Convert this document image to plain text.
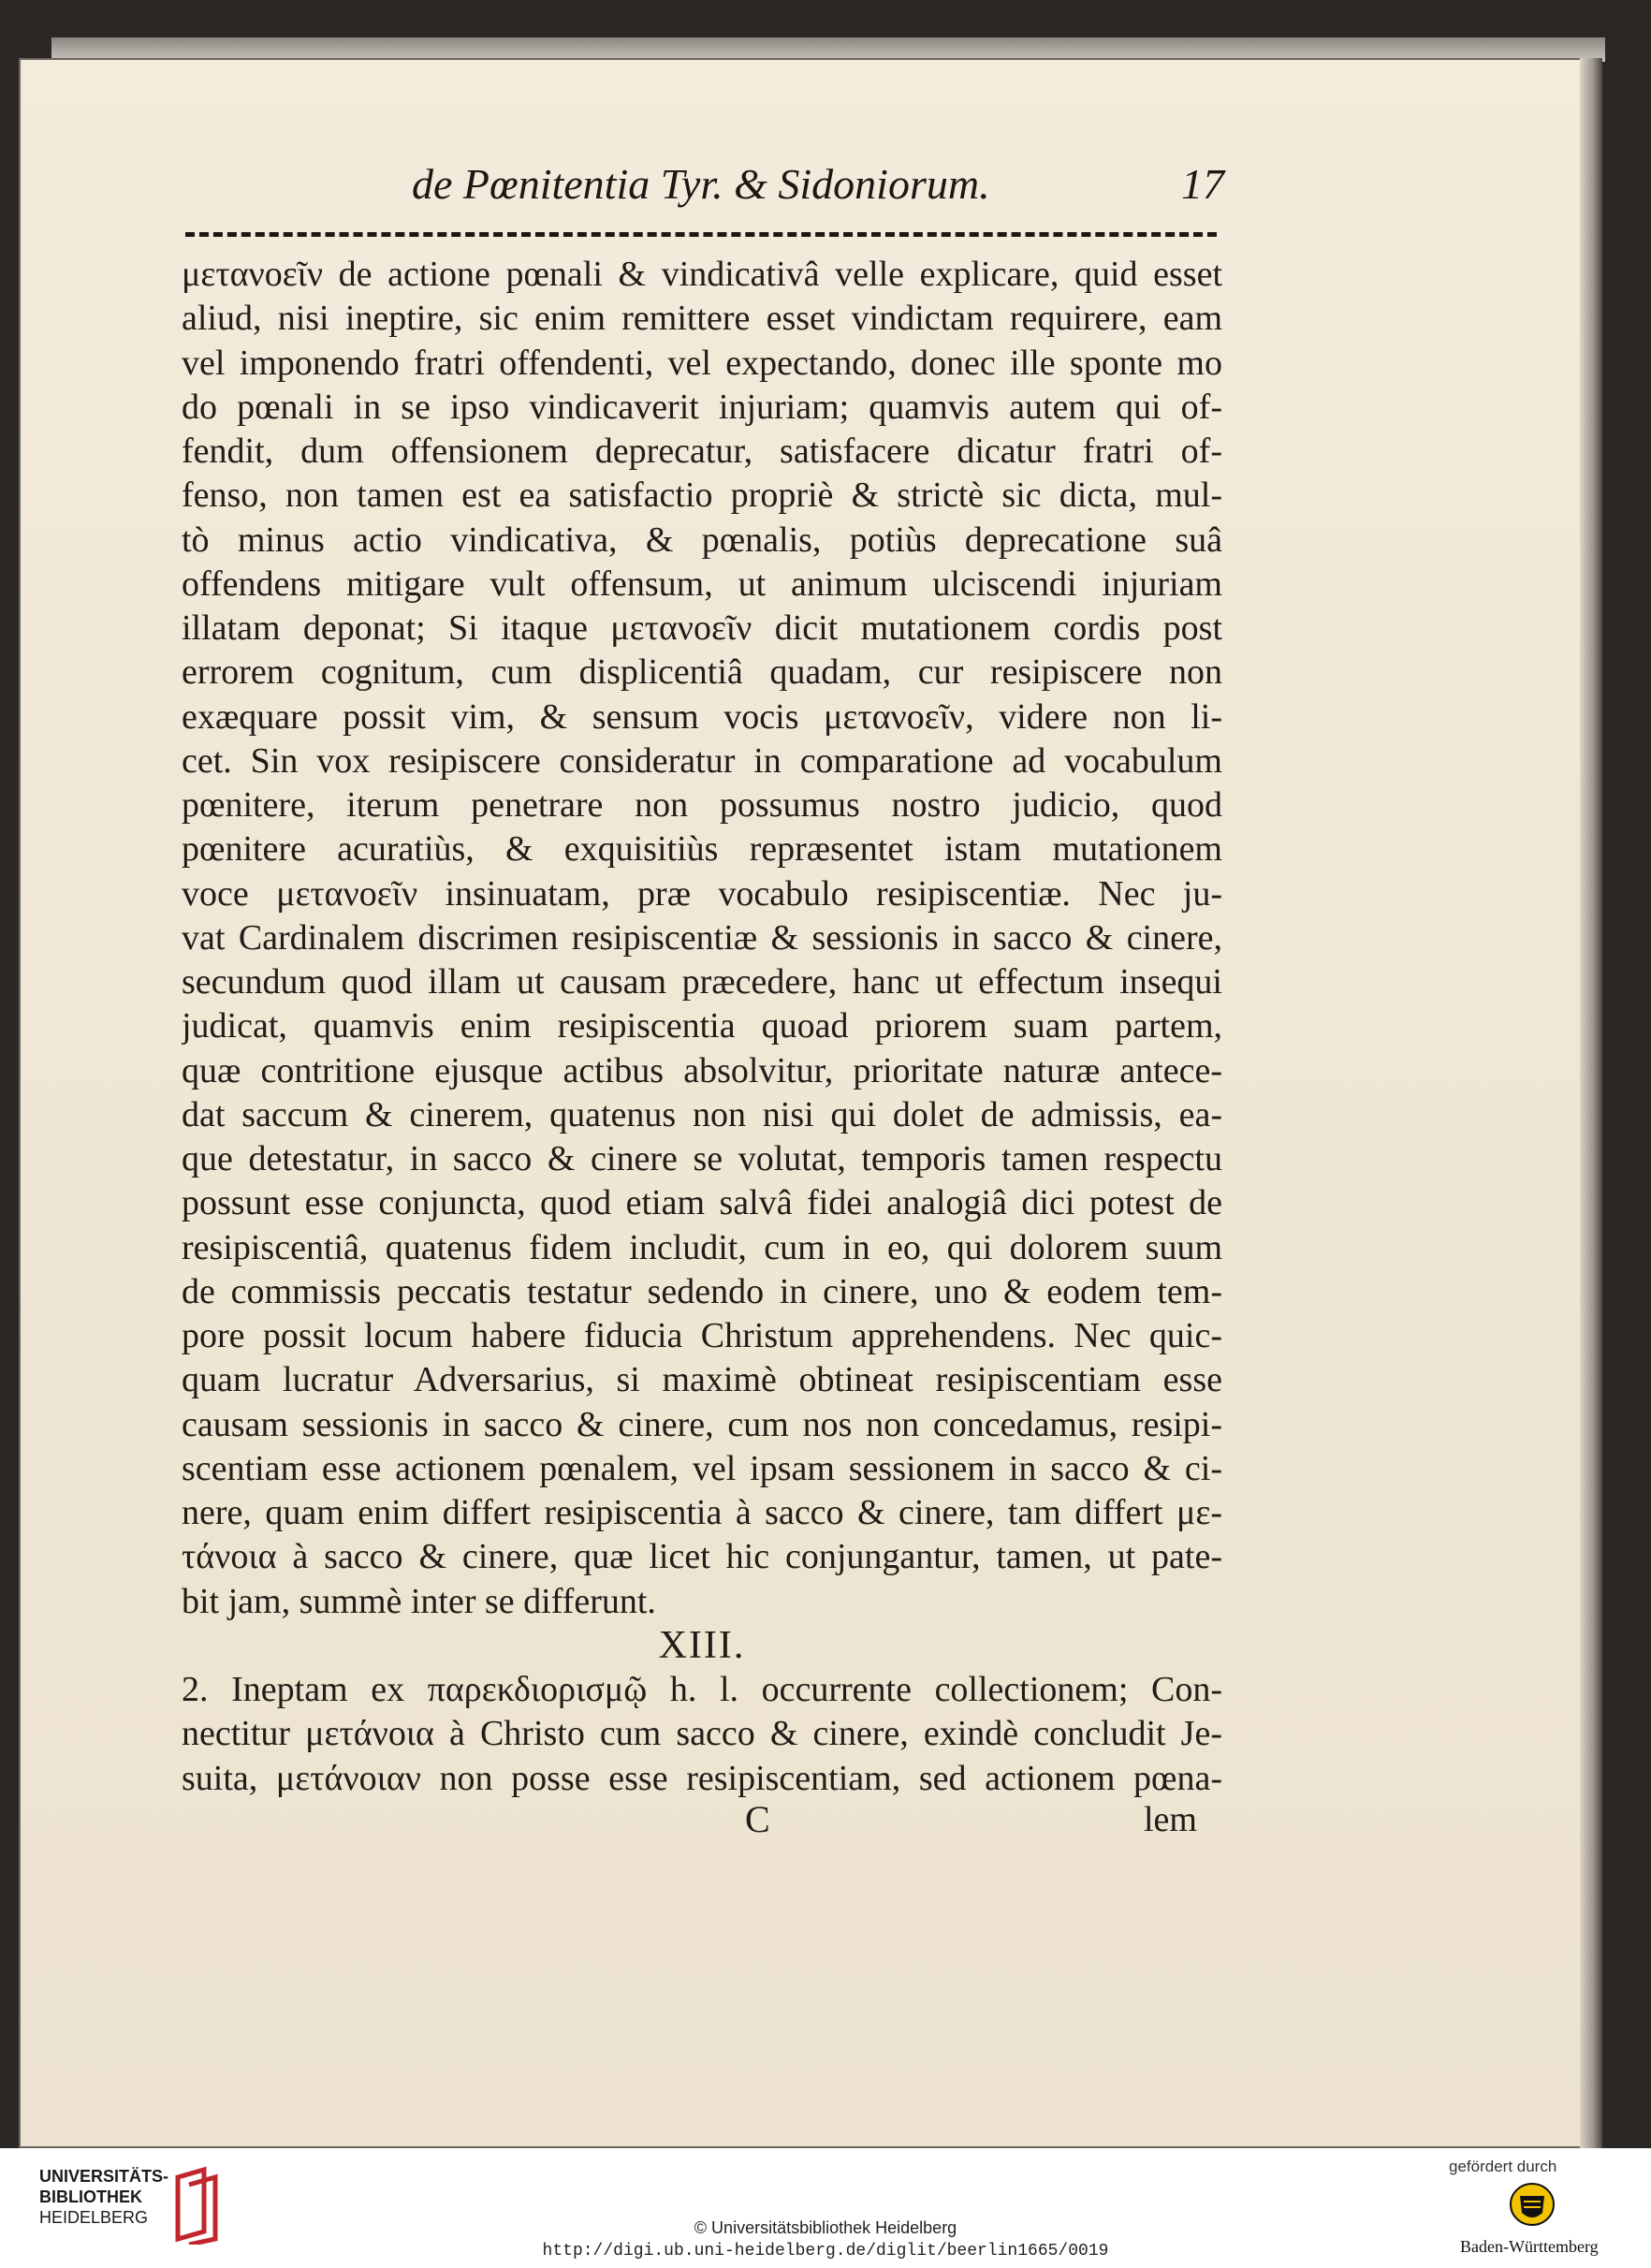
de Pœnitentia Tyr. & Sidoniorum.	17
μετανοεῖν de actione pœnali & vindicativâ velle explicare, quid esset
aliud, nisi ineptire, sic enim remittere esset vindictam requirere, eam
vel imponendo fratri offendenti, vel expectando, donec ille sponte mo
do pœnali in se ipso vindicaverit injuriam; quamvis autem qui of-
fendit, dum offensionem deprecatur, satisfacere dicatur fratri of-
fenso, non tamen est ea satisfactio propriè & strictè sic dicta, mul-
tò minus actio vindicativa, & pœnalis, potiùs deprecatione suâ
offendens mitigare vult offensum, ut animum ulciscendi injuriam
illatam deponat; Si itaque μετανοεῖν dicit mutationem cordis post
errorem cognitum, cum displicentiâ quadam, cur resipiscere non
exæquare possit vim, & sensum vocis μετανοεῖν, videre non li-
cet. Sin vox resipiscere consideratur in comparatione ad vocabulum
pœnitere, iterum penetrare non possumus nostro judicio, quod
pœnitere acuratiùs, & exquisitiùs repræsentet istam mutationem
voce μετανοεῖν insinuatam, præ vocabulo resipiscentiæ. Nec ju-
vat Cardinalem discrimen resipiscentiæ & sessionis in sacco & cinere,
secundum quod illam ut causam præcedere, hanc ut effectum insequi
judicat, quamvis enim resipiscentia quoad priorem suam partem,
quæ contritione ejusque actibus absolvitur, prioritate naturæ antece-
dat saccum & cinerem, quatenus non nisi qui dolet de admissis, ea-
que detestatur, in sacco & cinere se volutat, temporis tamen respectu
possunt esse conjuncta, quod etiam salvâ fidei analogiâ dici potest de
resipiscentiâ, quatenus fidem includit, cum in eo, qui dolorem suum
de commissis peccatis testatur sedendo in cinere, uno & eodem tem-
pore possit locum habere fiducia Christum apprehendens. Nec quic-
quam lucratur Adversarius, si maximè obtineat resipiscentiam esse
causam sessionis in sacco & cinere, cum nos non concedamus, resipi-
scentiam esse actionem pœnalem, vel ipsam sessionem in sacco & ci-
nere, quam enim differt resipiscentia à sacco & cinere, tam differt με-
τάνοια à sacco & cinere, quæ licet hic conjungantur, tamen, ut pate-
bit jam, summè inter se differunt.
XIII.
2. Ineptam ex παρεκδιορισμῷ h. l. occurrente collectionem; Con-
nectitur μετάνοια à Christo cum sacco & cinere, exindè concludit Je-
suita, μετάνοιαν non posse esse resipiscentiam, sed actionem pœna-
C	lem
UNIVERSITÄTS-
BIBLIOTHEK
HEIDELBERG
© Universitätsbibliothek Heidelberg
http://digi.ub.uni-heidelberg.de/diglit/beerlin1665/0019
gefördert durch
Baden-Württemberg
